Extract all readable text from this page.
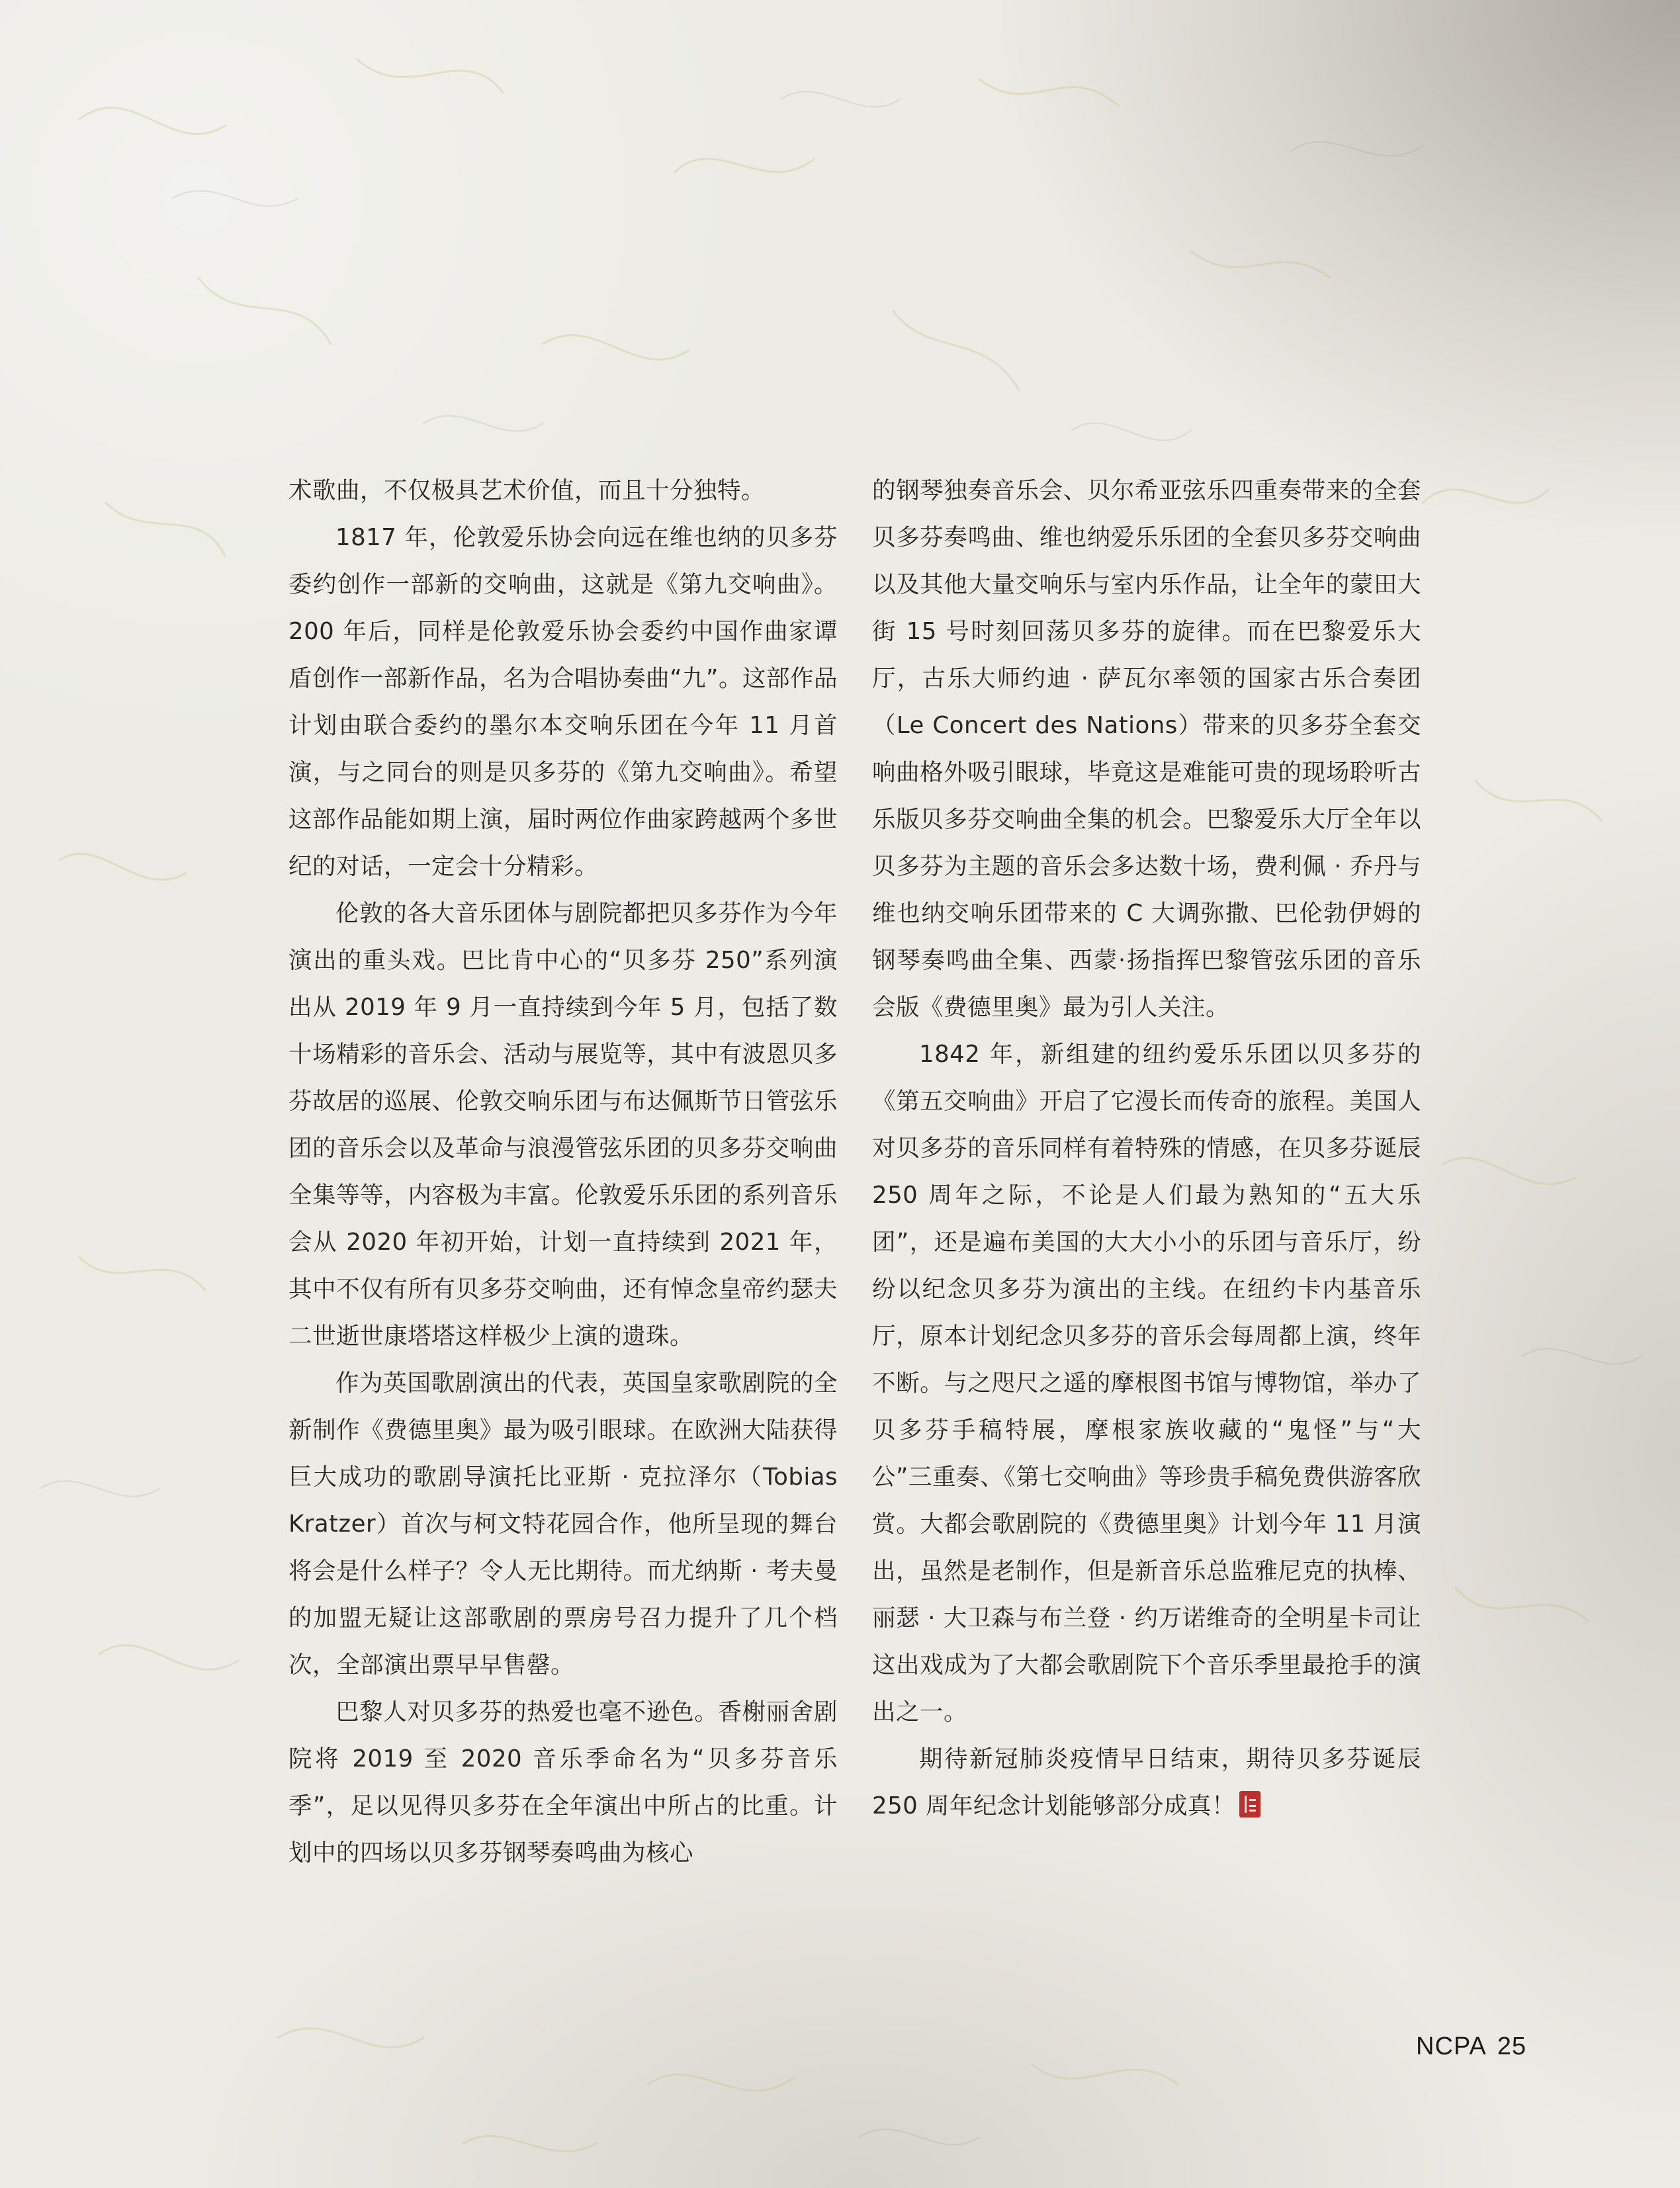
术歌曲，不仅极具艺术价值，而且十分独特。

1817 年，伦敦爱乐协会向远在维也纳的贝多芬委约创作一部新的交响曲，这就是《第九交响曲》。200 年后，同样是伦敦爱乐协会委约中国作曲家谭盾创作一部新作品，名为合唱协奏曲“九”。这部作品计划由联合委约的墨尔本交响乐团在今年 11 月首演，与之同台的则是贝多芬的《第九交响曲》。希望这部作品能如期上演，届时两位作曲家跨越两个多世纪的对话，一定会十分精彩。

伦敦的各大音乐团体与剧院都把贝多芬作为今年演出的重头戏。巴比肯中心的“贝多芬 250”系列演出从 2019 年 9 月一直持续到今年 5 月，包括了数十场精彩的音乐会、活动与展览等，其中有波恩贝多芬故居的巡展、伦敦交响乐团与布达佩斯节日管弦乐团的音乐会以及革命与浪漫管弦乐团的贝多芬交响曲全集等等，内容极为丰富。伦敦爱乐乐团的系列音乐会从 2020 年初开始，计划一直持续到 2021 年，其中不仅有所有贝多芬交响曲，还有悼念皇帝约瑟夫二世逝世康塔塔这样极少上演的遗珠。

作为英国歌剧演出的代表，英国皇家歌剧院的全新制作《费德里奥》最为吸引眼球。在欧洲大陆获得巨大成功的歌剧导演托比亚斯 · 克拉泽尔（Tobias Kratzer）首次与柯文特花园合作，他所呈现的舞台将会是什么样子？令人无比期待。而尤纳斯 · 考夫曼的加盟无疑让这部歌剧的票房号召力提升了几个档次，全部演出票早早售罄。

巴黎人对贝多芬的热爱也毫不逊色。香榭丽舍剧院将 2019 至 2020 音乐季命名为“贝多芬音乐季”，足以见得贝多芬在全年演出中所占的比重。计划中的四场以贝多芬钢琴奏鸣曲为核心

的钢琴独奏音乐会、贝尔希亚弦乐四重奏带来的全套贝多芬奏鸣曲、维也纳爱乐乐团的全套贝多芬交响曲以及其他大量交响乐与室内乐作品，让全年的蒙田大街 15 号时刻回荡贝多芬的旋律。而在巴黎爱乐大厅，古乐大师约迪 · 萨瓦尔率领的国家古乐合奏团（Le Concert des Nations）带来的贝多芬全套交响曲格外吸引眼球，毕竟这是难能可贵的现场聆听古乐版贝多芬交响曲全集的机会。巴黎爱乐大厅全年以贝多芬为主题的音乐会多达数十场，费利佩 · 乔丹与维也纳交响乐团带来的 C 大调弥撒、巴伦勃伊姆的钢琴奏鸣曲全集、西蒙·扬指挥巴黎管弦乐团的音乐会版《费德里奥》最为引人关注。

1842 年，新组建的纽约爱乐乐团以贝多芬的《第五交响曲》开启了它漫长而传奇的旅程。美国人对贝多芬的音乐同样有着特殊的情感，在贝多芬诞辰 250 周年之际，不论是人们最为熟知的“五大乐团”，还是遍布美国的大大小小的乐团与音乐厅，纷纷以纪念贝多芬为演出的主线。在纽约卡内基音乐厅，原本计划纪念贝多芬的音乐会每周都上演，终年不断。与之咫尺之遥的摩根图书馆与博物馆，举办了贝多芬手稿特展，摩根家族收藏的“鬼怪”与“大公”三重奏、《第七交响曲》等珍贵手稿免费供游客欣赏。大都会歌剧院的《费德里奥》计划今年 11 月演出，虽然是老制作，但是新音乐总监雅尼克的执棒、丽瑟 · 大卫森与布兰登 · 约万诺维奇的全明星卡司让这出戏成为了大都会歌剧院下个音乐季里最抢手的演出之一。

期待新冠肺炎疫情早日结束，期待贝多芬诞辰 250 周年纪念计划能够部分成真！

NCPA 25
